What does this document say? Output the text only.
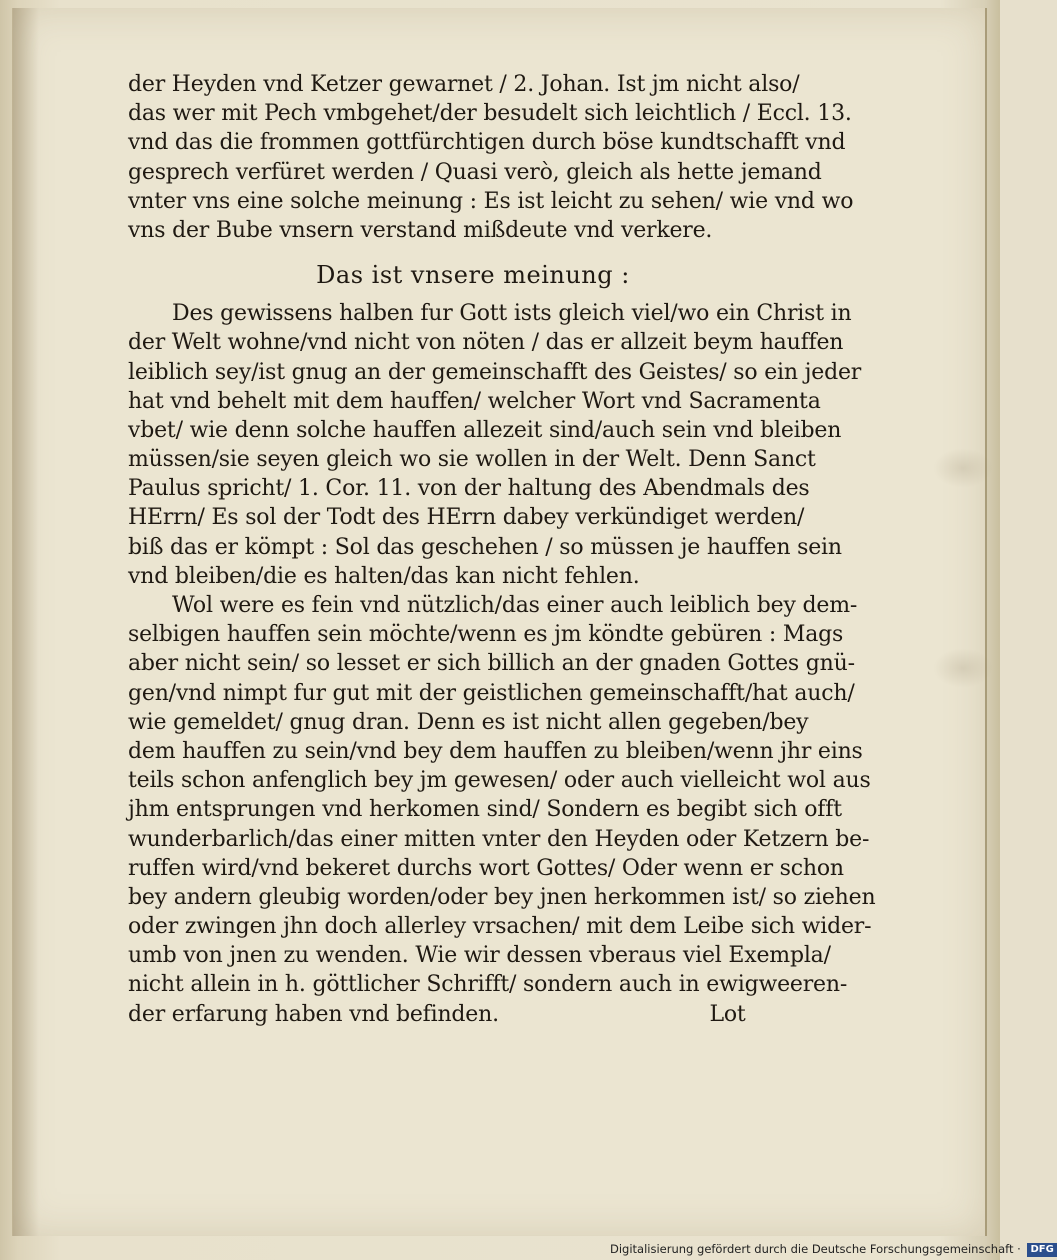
der Heyden vnd Ketzer gewarnet / 2. Johan. Ist jm nicht also/
das wer mit Pech vmbgehet/der besudelt sich leichtlich / Eccl. 13.
vnd das die frommen gottfürchtigen durch böse kundtschafft vnd
gesprech verfüret werden / Quasi verò, gleich als hette jemand
vnter vns eine solche meinung : Es ist leicht zu sehen/ wie vnd wo
vns der Bube vnsern verstand mißdeute vnd verkere.
Das ist vnsere meinung :
Des gewissens halben fur Gott ists gleich viel/wo ein Christ in
der Welt wohne/vnd nicht von nöten / das er allzeit beym hauffen
leiblich sey/ist gnug an der gemeinschafft des Geistes/ so ein jeder
hat vnd behelt mit dem hauffen/ welcher Wort vnd Sacramenta
vbet/ wie denn solche hauffen allezeit sind/auch sein vnd bleiben
müssen/sie seyen gleich wo sie wollen in der Welt. Denn Sanct
Paulus spricht/ 1. Cor. 11. von der haltung des Abendmals des
HErrn/ Es sol der Todt des HErrn dabey verkündiget werden/
biß das er kömpt : Sol das geschehen / so müssen je hauffen sein
vnd bleiben/die es halten/das kan nicht fehlen.
Wol were es fein vnd nützlich/das einer auch leiblich bey dem-
selbigen hauffen sein möchte/wenn es jm köndte gebüren : Mags
aber nicht sein/ so lesset er sich billich an der gnaden Gottes gnü-
gen/vnd nimpt fur gut mit der geistlichen gemeinschafft/hat auch/
wie gemeldet/ gnug dran. Denn es ist nicht allen gegeben/bey
dem hauffen zu sein/vnd bey dem hauffen zu bleiben/wenn jhr eins
teils schon anfenglich bey jm gewesen/ oder auch vielleicht wol aus
jhm entsprungen vnd herkomen sind/ Sondern es begibt sich offt
wunderbarlich/das einer mitten vnter den Heyden oder Ketzern be-
ruffen wird/vnd bekeret durchs wort Gottes/ Oder wenn er schon
bey andern gleubig worden/oder bey jnen herkommen ist/ so ziehen
oder zwingen jhn doch allerley vrsachen/ mit dem Leibe sich wider-
umb von jnen zu wenden. Wie wir dessen vberaus viel Exempla/
nicht allein in h. göttlicher Schrifft/ sondern auch in ewigweeren-
der erfarung haben vnd befinden.                               Lot
Digitalisierung gefördert durch die Deutsche Forschungsgemeinschaft · DFG
